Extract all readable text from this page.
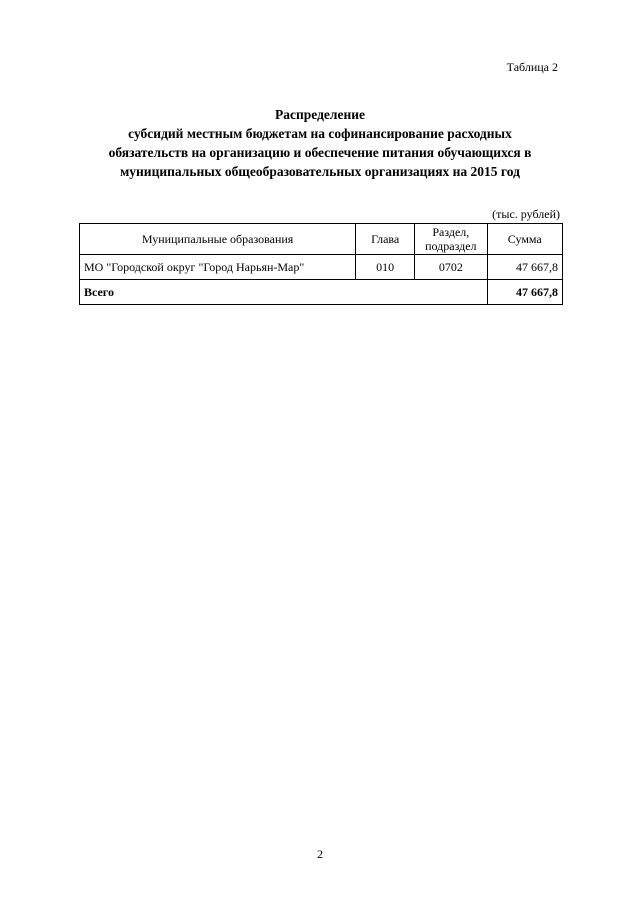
Таблица 2
Распределение
субсидий местным бюджетам на софинансирование расходных
обязательств на организацию и обеспечение питания обучающихся в
муниципальных общеобразовательных организациях на 2015 год
(тыс. рублей)
Муниципальные образования	Глава	Раздел, подраздел	Сумма
МО "Городской округ "Город Нарьян-Мар"	010	0702	47 667,8
Всего			47 667,8
2
